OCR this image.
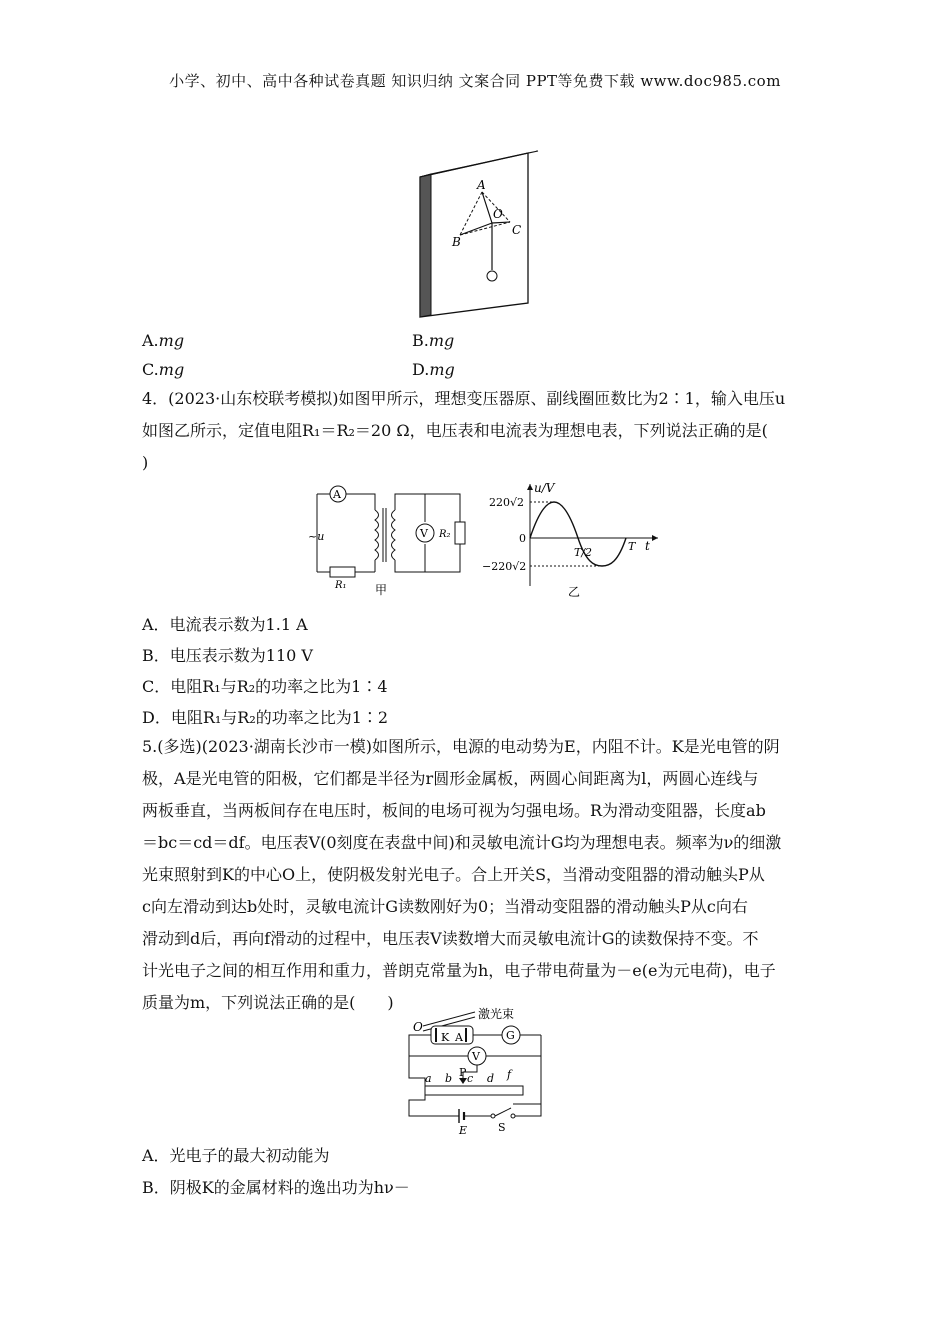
小学、初中、高中各种试卷真题 知识归纳 文案合同 PPT等免费下载 www.doc985.com
A
B
O
C
A.mg	B.mg
C.mg	D.mg
4．(2023·山东校联考模拟)如图甲所示，理想变压器原、副线圈匝数比为2∶1，输入电压u
如图乙所示，定值电阻R₁＝R₂＝20 Ω，电压表和电流表为理想电表，下列说法正确的是(
)
A
~u	V R₂
R₁ 甲
u/V
t
220√2
0
−220√2
T/2	T
乙
A．电流表示数为1.1 A
B．电压表示数为110 V
C．电阻R₁与R₂的功率之比为1∶4
D．电阻R₁与R₂的功率之比为1∶2
5.(多选)(2023·湖南长沙市一模)如图所示，电源的电动势为E，内阻不计。K是光电管的阴
极，A是光电管的阳极，它们都是半径为r圆形金属板，两圆心间距离为l，两圆心连线与
两板垂直，当两板间存在电压时，板间的电场可视为匀强电场。R为滑动变阻器，长度ab
＝bc＝cd＝df。电压表V(0刻度在表盘中间)和灵敏电流计G均为理想电表。频率为ν的细激
光束照射到K的中心O上，使阴极发射光电子。合上开关S，当滑动变阻器的滑动触头P从
c向左滑动到达b处时，灵敏电流计G读数刚好为0；当滑动变阻器的滑动触头P从c向右
滑动到d后，再向f滑动的过程中，电压表V读数增大而灵敏电流计G的读数保持不变。不
计光电子之间的相互作用和重力，普朗克常量为h，电子带电荷量为－e(e为元电荷)，电子
质量为m，下列说法正确的是(　　)
激光束
O
K A	G
V
a b P c d f
E	S
A．光电子的最大初动能为
B．阴极K的金属材料的逸出功为hν－
